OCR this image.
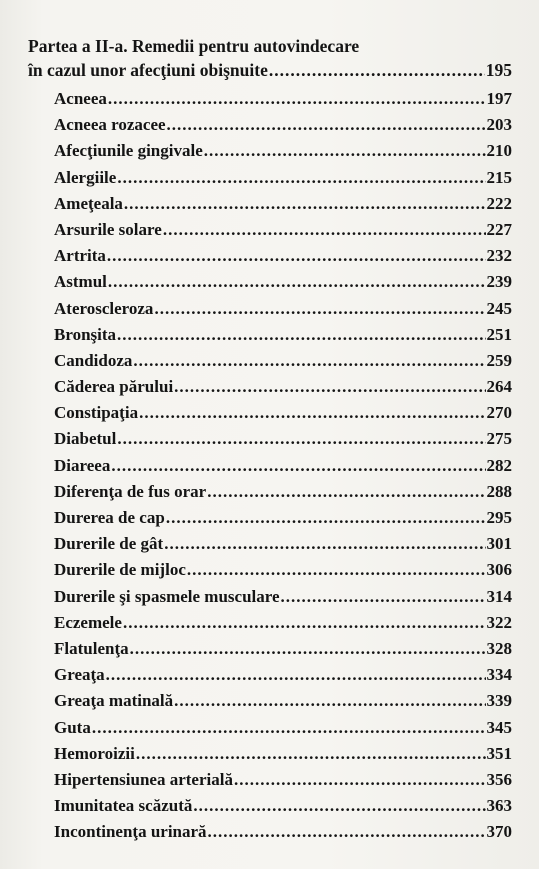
Partea a II-a. Remedii pentru autovindecare
în cazul unor afecţiuni obişnuite .....	195
Acneea .....	197
Acneea rozacee .....	203
Afecţiunile gingivale .....	210
Alergiile .....	215
Ameţeala .....	222
Arsurile solare .....	227
Artrita .....	232
Astmul .....	239
Ateroscleroza .....	245
Bronşita .....	251
Candidoza .....	259
Căderea părului .....	264
Constipaţia .....	270
Diabetul .....	275
Diareea .....	282
Diferenţa de fus orar .....	288
Durerea de cap .....	295
Durerile de gât .....	301
Durerile de mijloc .....	306
Durerile şi spasmele musculare .....	314
Eczemele .....	322
Flatulenţa .....	328
Greaţa .....	334
Greaţa matinală .....	339
Guta .....	345
Hemoroizii .....	351
Hipertensiunea arterială .....	356
Imunitatea scăzută .....	363
Incontinenţa urinară .....	370
